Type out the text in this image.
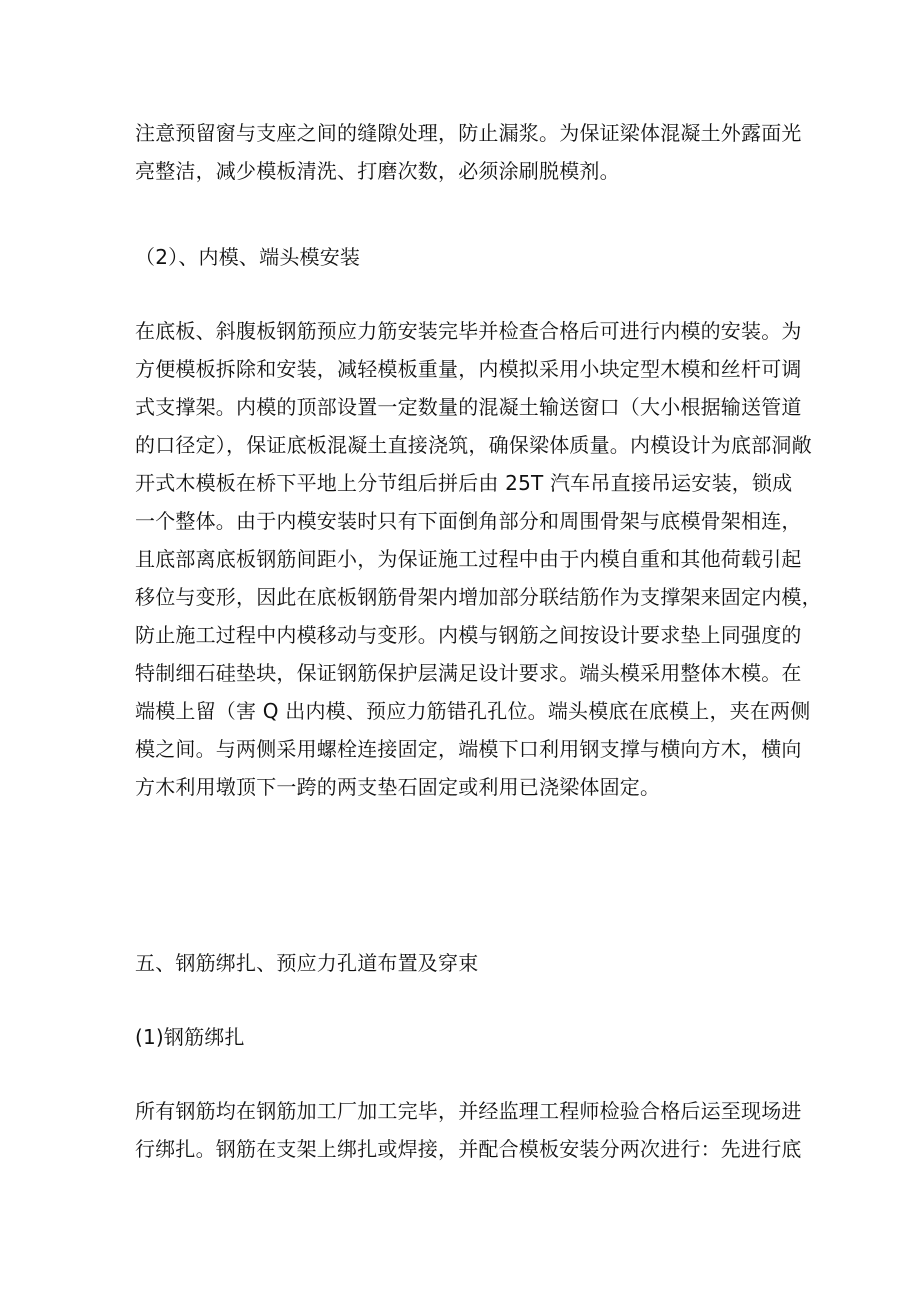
注意预留窗与支座之间的缝隙处理，防止漏浆。为保证梁体混凝土外露面光
亮整洁，减少模板清洗、打磨次数，必须涂刷脱模剂。
（2）、内模、端头模安装
在底板、斜腹板钢筋预应力筋安装完毕并检查合格后可进行内模的安装。为
方便模板拆除和安装，减轻模板重量，内模拟采用小块定型木模和丝杆可调
式支撑架。内模的顶部设置一定数量的混凝土输送窗口（大小根据输送管道
的口径定），保证底板混凝土直接浇筑，确保梁体质量。内模设计为底部洞敞
开式木模板在桥下平地上分节组后拼后由 25T 汽车吊直接吊运安装，锁成
一个整体。由于内模安装时只有下面倒角部分和周围骨架与底模骨架相连，
且底部离底板钢筋间距小，为保证施工过程中由于内模自重和其他荷载引起
移位与变形，因此在底板钢筋骨架内增加部分联结筋作为支撑架来固定内模，
防止施工过程中内模移动与变形。内模与钢筋之间按设计要求垫上同强度的
特制细石硅垫块，保证钢筋保护层满足设计要求。端头模采用整体木模。在
端模上留（害 Q 出内模、预应力筋错孔孔位。端头模底在底模上，夹在两侧
模之间。与两侧采用螺栓连接固定，端模下口利用钢支撑与横向方木，横向
方木利用墩顶下一跨的两支垫石固定或利用已浇梁体固定。
五、钢筋绑扎、预应力孔道布置及穿束
(1)钢筋绑扎
所有钢筋均在钢筋加工厂加工完毕，并经监理工程师检验合格后运至现场进
行绑扎。钢筋在支架上绑扎或焊接，并配合模板安装分两次进行：先进行底
